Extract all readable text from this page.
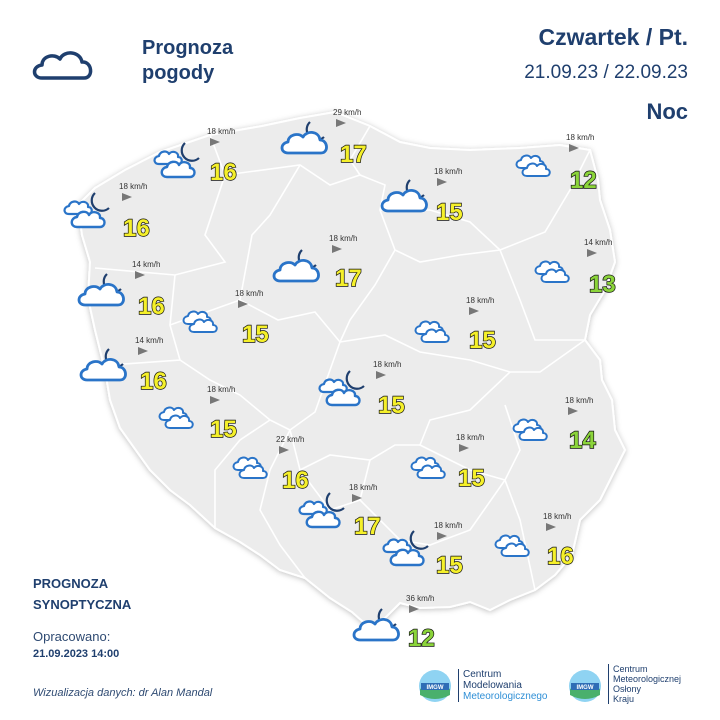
Prognoza
pogody
Czwartek / Pt.
21.09.23 / 22.09.23
Noc
18 km/h
16
29 km/h
17
18 km/h
12
18 km/h
16
18 km/h
15
18 km/h
17
14 km/h
13
14 km/h
16	18 km/h
15
18 km/h
15
14 km/h
16
18 km/h
15
18 km/h
15
18 km/h
14
22 km/h
16
18 km/h
15
18 km/h
17	18 km/h
15
18 km/h
16
36 km/h
12
PROGNOZA
SYNOPTYCZNA
Opracowano:
21.09.2023 14:00
Wizualizacja danych: dr Alan Mandal	IMGW
Centrum
Modelowania
Meteorologicznego
IMGW
Centrum
Meteorologicznej
Osłony
Kraju
